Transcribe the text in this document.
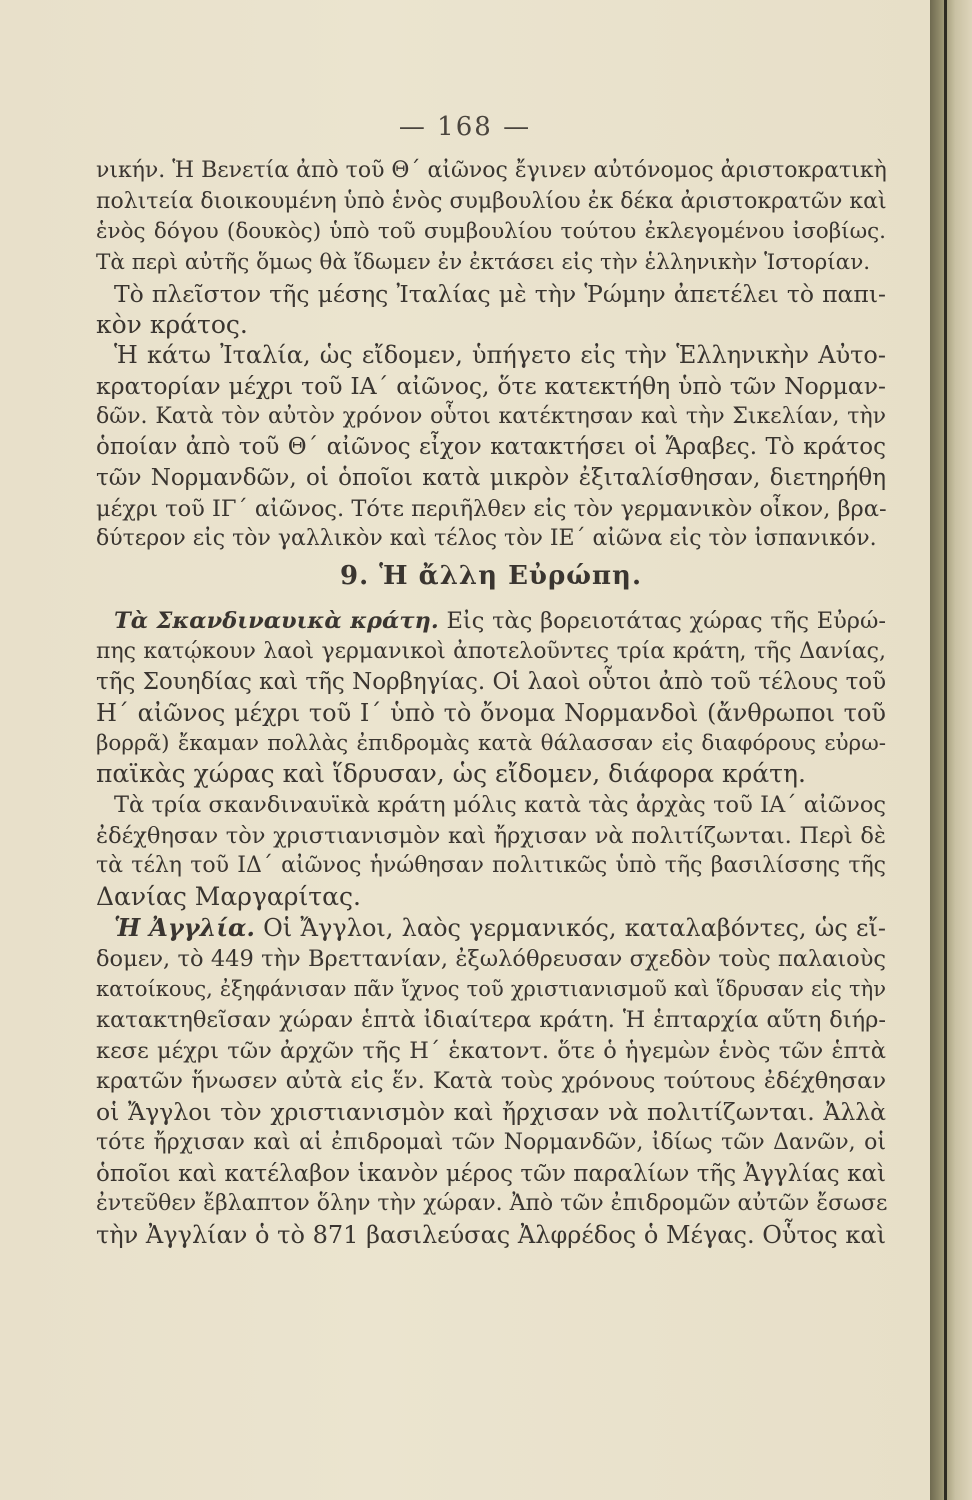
— 168 —
νικήν. Ἡ Βενετία ἀπὸ τοῦ Θ΄ αἰῶνος ἔγινεν αὐτόνομος ἀριστοκρατικὴ
πολιτεία διοικουμένη ὑπὸ ἑνὸς συμβουλίου ἐκ δέκα ἀριστοκρατῶν καὶ
ἑνὸς δόγου (δουκὸς) ὑπὸ τοῦ συμβουλίου τούτου ἐκλεγομένου ἰσοβίως.
Τὰ περὶ αὐτῆς ὅμως θὰ ἴδωμεν ἐν ἐκτάσει εἰς τὴν ἑλληνικὴν Ἱστορίαν.
Τὸ πλεῖστον τῆς μέσης Ἰταλίας μὲ τὴν Ῥώμην ἀπετέλει τὸ παπι-
κὸν κράτος.
Ἡ κάτω Ἰταλία, ὡς εἴδομεν, ὑπήγετο εἰς τὴν Ἑλληνικὴν Αὐτο-
κρατορίαν μέχρι τοῦ ΙΑ΄ αἰῶνος, ὅτε κατεκτήθη ὑπὸ τῶν Νορμαν-
δῶν. Κατὰ τὸν αὐτὸν χρόνον οὗτοι κατέκτησαν καὶ τὴν Σικελίαν, τὴν
ὁποίαν ἀπὸ τοῦ Θ΄ αἰῶνος εἶχον κατακτήσει οἱ Ἄραβες. Τὸ κράτος
τῶν Νορμανδῶν, οἱ ὁποῖοι κατὰ μικρὸν ἐξιταλίσθησαν, διετηρήθη
μέχρι τοῦ ΙΓ΄ αἰῶνος. Τότε περιῆλθεν εἰς τὸν γερμανικὸν οἶκον, βρα-
δύτερον εἰς τὸν γαλλικὸν καὶ τέλος τὸν ΙΕ΄ αἰῶνα εἰς τὸν ἰσπανικόν.
9. Ἡ ἄλλη Εὐρώπη.
Τὰ Σκανδιναυικὰ κράτη. Εἰς τὰς βορειοτάτας χώρας τῆς Εὐρώ-
πης κατῴκουν λαοὶ γερμανικοὶ ἀποτελοῦντες τρία κράτη, τῆς Δανίας,
τῆς Σουηδίας καὶ τῆς Νορβηγίας. Οἱ λαοὶ οὗτοι ἀπὸ τοῦ τέλους τοῦ
Η΄ αἰῶνος μέχρι τοῦ Ι΄ ὑπὸ τὸ ὄνομα Νορμανδοὶ (ἄνθρωποι τοῦ
βορρᾶ) ἔκαμαν πολλὰς ἐπιδρομὰς κατὰ θάλασσαν εἰς διαφόρους εὐρω-
παϊκὰς χώρας καὶ ἵδρυσαν, ὡς εἴδομεν, διάφορα κράτη.
Τὰ τρία σκανδιναυϊκὰ κράτη μόλις κατὰ τὰς ἀρχὰς τοῦ ΙΑ΄ αἰῶνος
ἐδέχθησαν τὸν χριστιανισμὸν καὶ ἤρχισαν νὰ πολιτίζωνται. Περὶ δὲ
τὰ τέλη τοῦ ΙΔ΄ αἰῶνος ἡνώθησαν πολιτικῶς ὑπὸ τῆς βασιλίσσης τῆς
Δανίας Μαργαρίτας.
Ἡ Ἀγγλία. Οἱ Ἄγγλοι, λαὸς γερμανικός, καταλαβόντες, ὡς εἴ-
δομεν, τὸ 449 τὴν Βρεττανίαν, ἐξωλόθρευσαν σχεδὸν τοὺς παλαιοὺς
κατοίκους, ἐξηφάνισαν πᾶν ἴχνος τοῦ χριστιανισμοῦ καὶ ἵδρυσαν εἰς τὴν
κατακτηθεῖσαν χώραν ἑπτὰ ἰδιαίτερα κράτη. Ἡ ἑπταρχία αὕτη διήρ-
κεσε μέχρι τῶν ἀρχῶν τῆς Η΄ ἑκατοντ. ὅτε ὁ ἡγεμὼν ἑνὸς τῶν ἑπτὰ
κρατῶν ἥνωσεν αὐτὰ εἰς ἕν. Κατὰ τοὺς χρόνους τούτους ἐδέχθησαν
οἱ Ἄγγλοι τὸν χριστιανισμὸν καὶ ἤρχισαν νὰ πολιτίζωνται. Ἀλλὰ
τότε ἤρχισαν καὶ αἱ ἐπιδρομαὶ τῶν Νορμανδῶν, ἰδίως τῶν Δανῶν, οἱ
ὁποῖοι καὶ κατέλαβον ἱκανὸν μέρος τῶν παραλίων τῆς Ἀγγλίας καὶ
ἐντεῦθεν ἔβλαπτον ὅλην τὴν χώραν. Ἀπὸ τῶν ἐπιδρομῶν αὐτῶν ἔσωσε
τὴν Ἀγγλίαν ὁ τὸ 871 βασιλεύσας Ἀλφρέδος ὁ Μέγας. Οὗτος καὶ
